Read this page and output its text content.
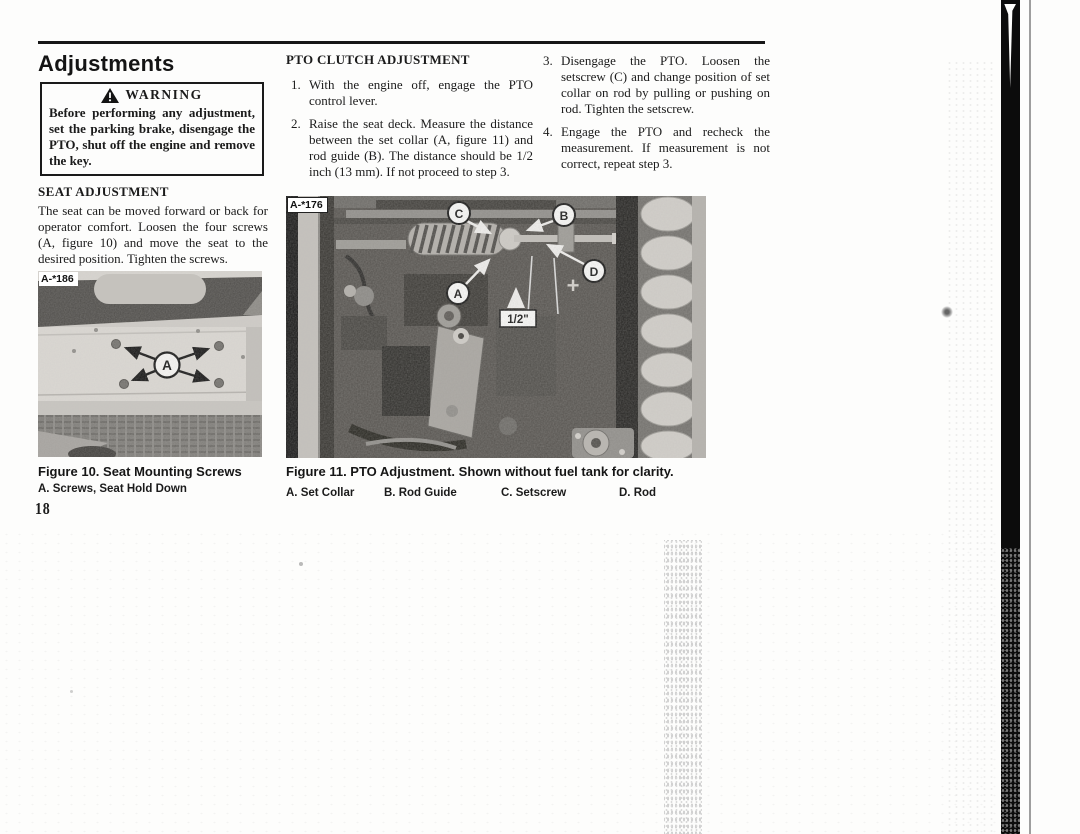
Adjustments
WARNING
Before performing any adjustment, set the parking brake, disengage the PTO, shut off the engine and remove the key.
SEAT ADJUSTMENT
The seat can be moved forward or back for operator comfort. Loosen the four screws (A, figure 10) and move the seat to the desired position. Tighten the screws.
A-*186
Figure 10. Seat Mounting Screws
A. Screws, Seat Hold Down
18
PTO CLUTCH ADJUSTMENT
1. With the engine off, engage the PTO control lever.
2. Raise the seat deck. Measure the distance between the set collar (A, figure 11) and rod guide (B). The distance should be 1/2 inch (13 mm). If not proceed to step 3.
3. Disengage the PTO. Loosen the setscrew (C) and change position of set collar on rod by pulling or pushing on rod. Tighten the setscrew.
4. Engage the PTO and recheck the measurement. If measurement is not correct, repeat step 3.
A-*176
Figure 11. PTO Adjustment. Shown without fuel tank for clarity.
A. Set Collar	B. Rod Guide	C. Setscrew	D. Rod
